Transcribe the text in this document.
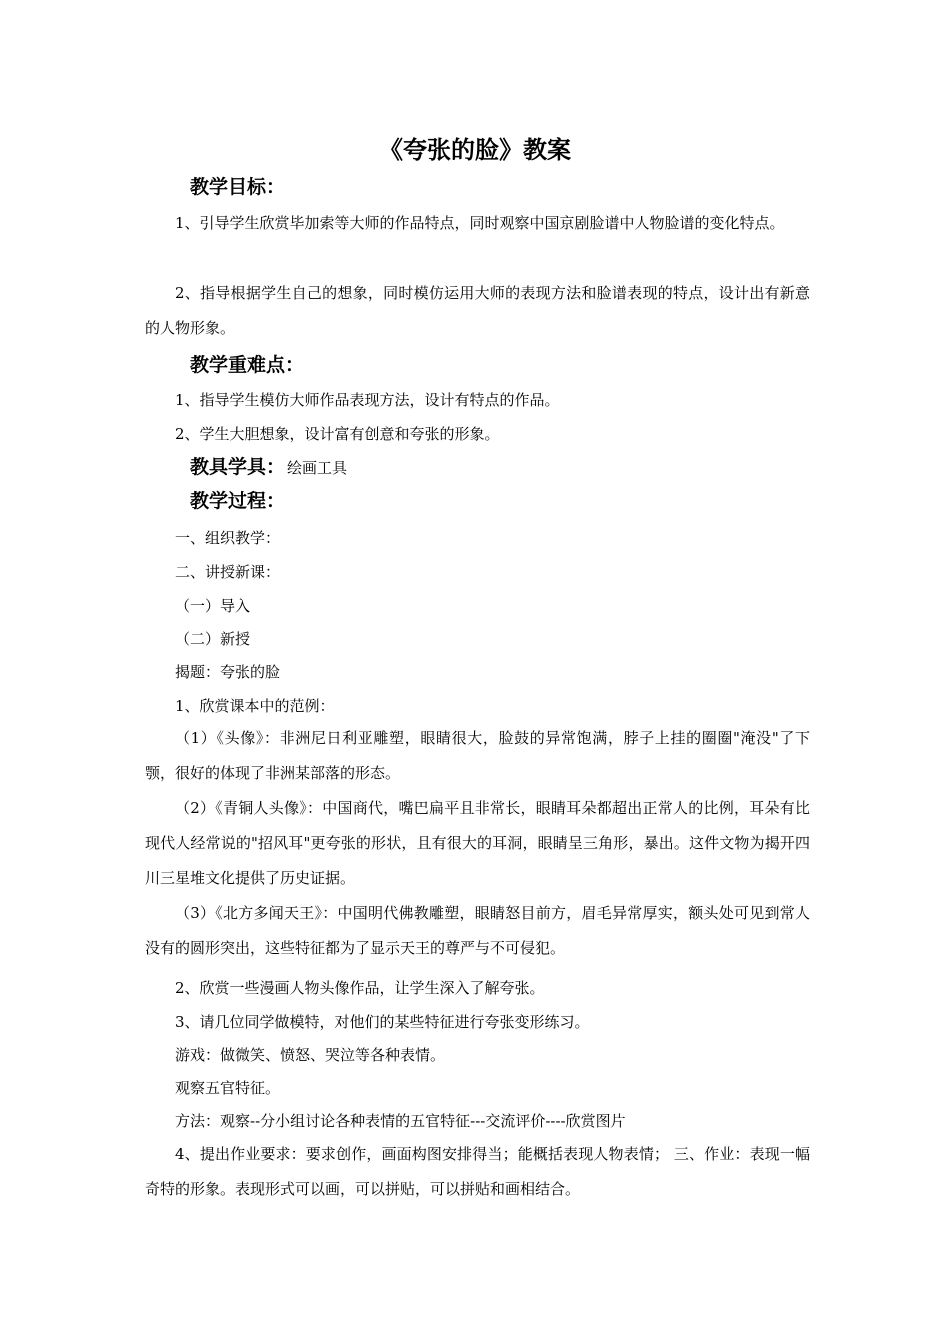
《夸张的脸》教案
教学目标：
1、引导学生欣赏毕加索等大师的作品特点，同时观察中国京剧脸谱中人物脸谱的变化特点。
2、指导根据学生自己的想象，同时模仿运用大师的表现方法和脸谱表现的特点，设计出有新意的人物形象。
教学重难点：
1、指导学生模仿大师作品表现方法，设计有特点的作品。
2、学生大胆想象，设计富有创意和夸张的形象。
教具学具： 绘画工具
教学过程：
一、组织教学：
二、讲授新课：
（一）导入
（二）新授
揭题：夸张的脸
1、欣赏课本中的范例：
（1）《头像》：非洲尼日利亚雕塑，眼睛很大，脸鼓的异常饱满，脖子上挂的圈圈"淹没"了下颚，很好的体现了非洲某部落的形态。
（2）《青铜人头像》：中国商代，嘴巴扁平且非常长，眼睛耳朵都超出正常人的比例，耳朵有比现代人经常说的"招风耳"更夸张的形状，且有很大的耳洞，眼睛呈三角形，暴出。这件文物为揭开四川三星堆文化提供了历史证据。
（3）《北方多闻天王》：中国明代佛教雕塑，眼睛怒目前方，眉毛异常厚实，额头处可见到常人没有的圆形突出，这些特征都为了显示天王的尊严与不可侵犯。
2、欣赏一些漫画人物头像作品，让学生深入了解夸张。
3、请几位同学做模特，对他们的某些特征进行夸张变形练习。
游戏：做微笑、愤怒、哭泣等各种表情。
观察五官特征。
方法：观察--分小组讨论各种表情的五官特征---交流评价----欣赏图片
4、提出作业要求：要求创作，画面构图安排得当；能概括表现人物表情； 三、作业：表现一幅奇特的形象。表现形式可以画，可以拼贴，可以拼贴和画相结合。
